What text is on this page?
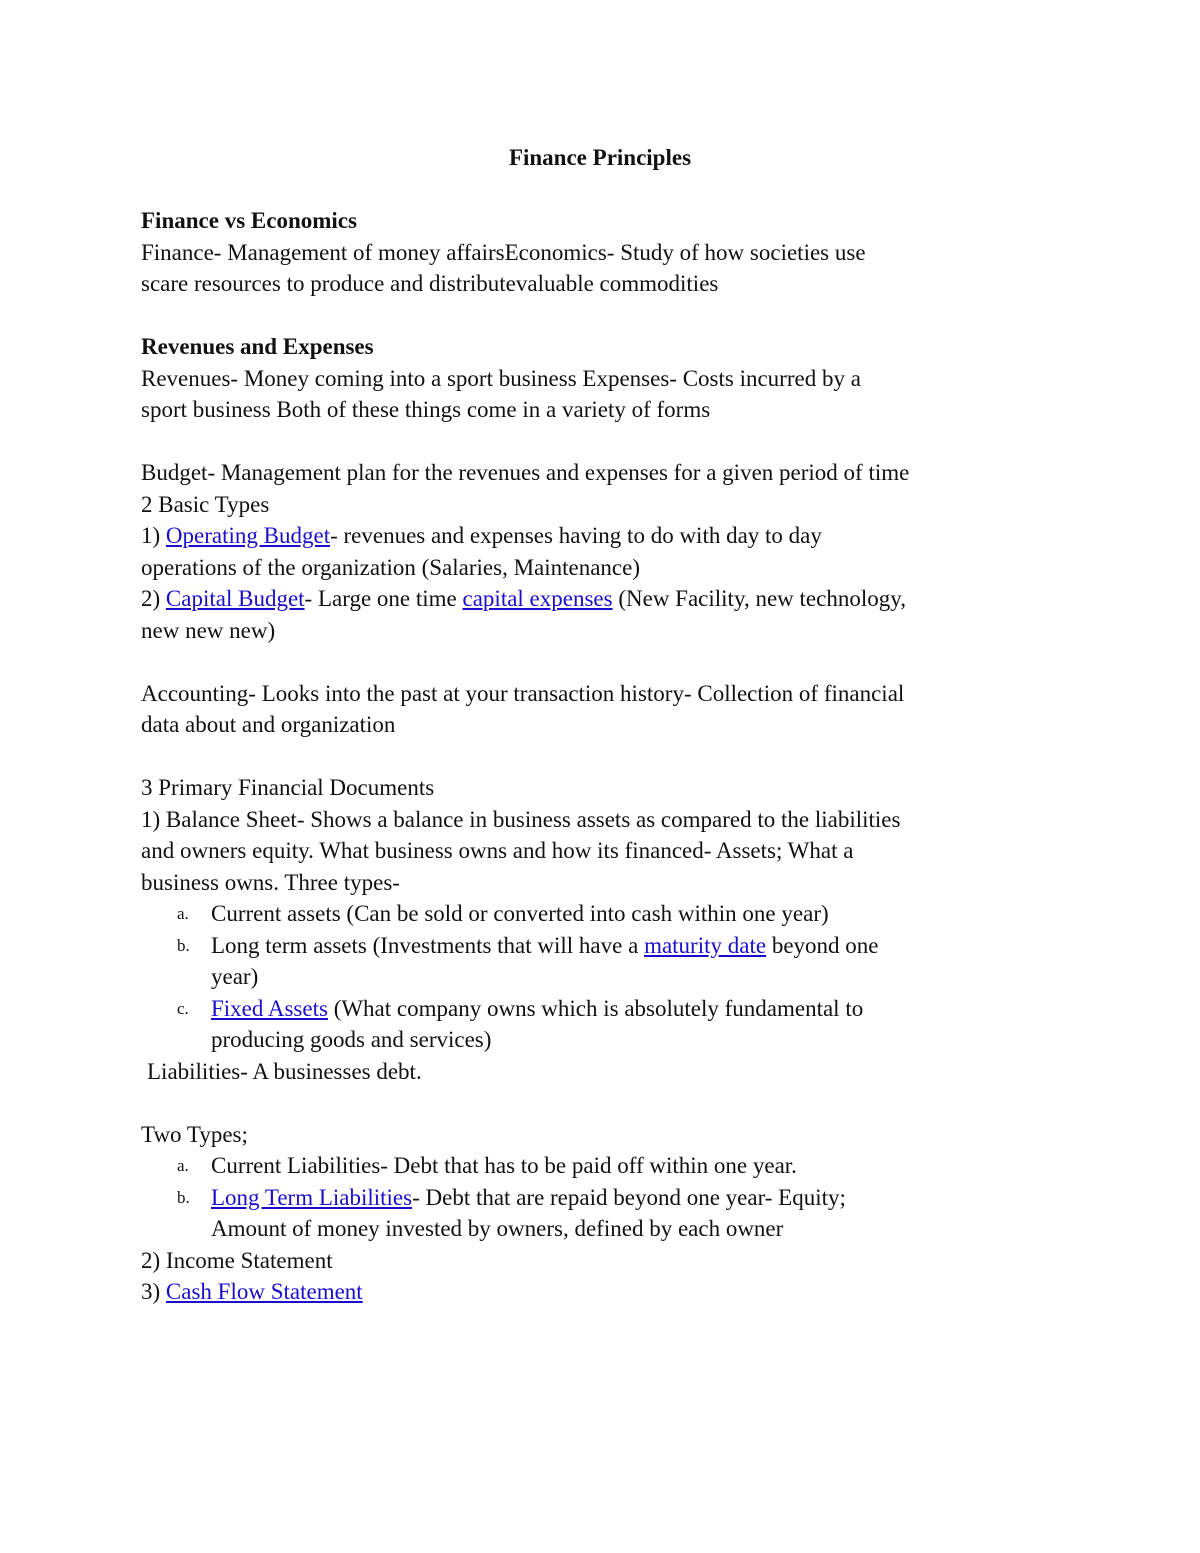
Finance Principles

Finance vs Economics

Finance- Management of money affairsEconomics- Study of how societies use

scare resources to produce and distributevaluable commodities

Revenues and Expenses

Revenues- Money coming into a sport business Expenses- Costs incurred by a

sport business Both of these things come in a variety of forms

Budget- Management plan for the revenues and expenses for a given period of time

2 Basic Types

1) Operating Budget- revenues and expenses having to do with day to day

operations of the organization (Salaries, Maintenance)

2) Capital Budget- Large one time capital expenses (New Facility, new technology,

new new new)

Accounting- Looks into the past at your transaction history- Collection of financial

data about and organization

3 Primary Financial Documents

1) Balance Sheet- Shows a balance in business assets as compared to the liabilities

and owners equity. What business owns and how its financed- Assets; What a

business owns. Three types-

a. Current assets (Can be sold or converted into cash within one year)

b. Long term assets (Investments that will have a maturity date beyond one

year)

c. Fixed Assets (What company owns which is absolutely fundamental to

producing goods and services)

Liabilities- A businesses debt.

Two Types;

a. Current Liabilities- Debt that has to be paid off within one year.

b. Long Term Liabilities- Debt that are repaid beyond one year- Equity;

Amount of money invested by owners, defined by each owner

2) Income Statement

3) Cash Flow Statement
